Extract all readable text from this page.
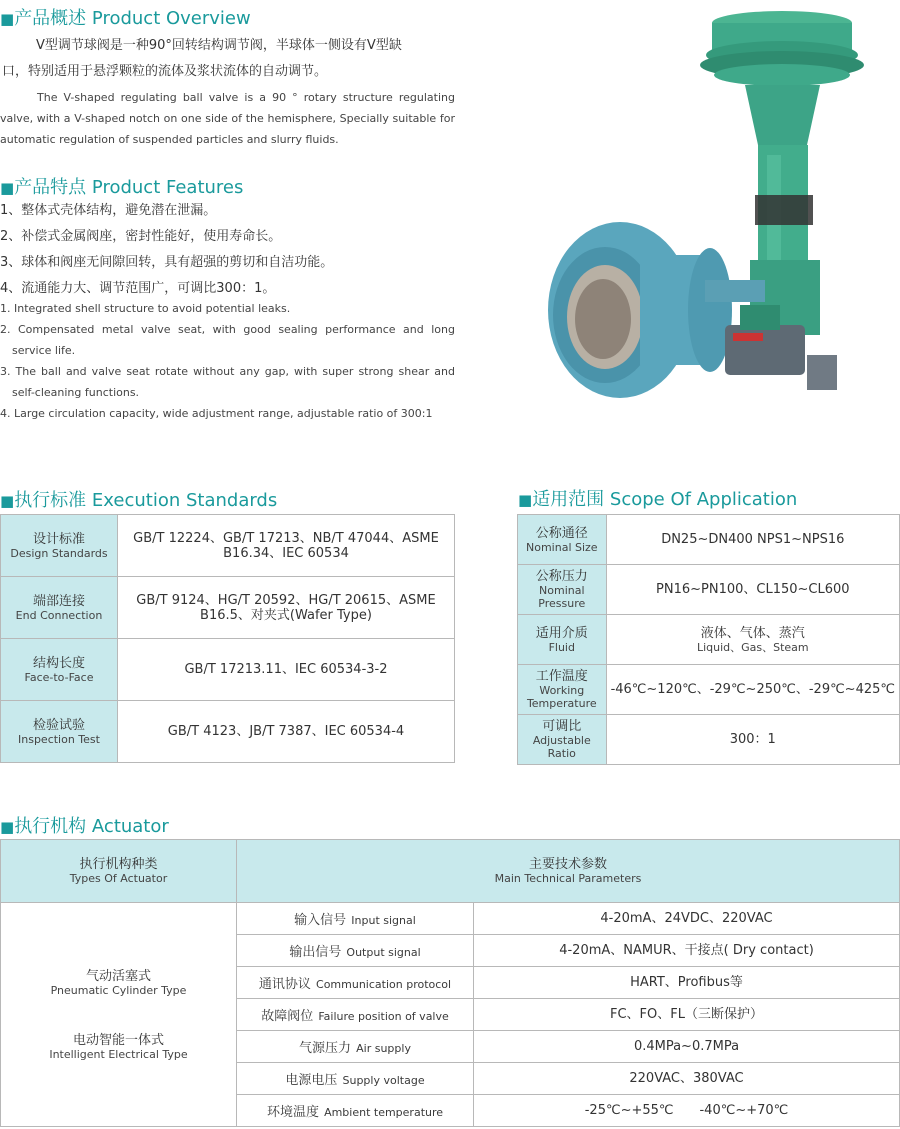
■产品概述 Product Overview
V型调节球阀是一种90°回转结构调节阀，半球体一侧设有V型缺
口，特别适用于悬浮颗粒的流体及浆状流体的自动调节。
The V-shaped regulating ball valve is a 90 ° rotary structure regulating valve, with a V-shaped notch on one side of the hemisphere, Specially suitable for automatic regulation of suspended particles and slurry fluids.
■产品特点 Product Features
1、整体式壳体结构，避免潜在泄漏。
2、补偿式金属阀座，密封性能好，使用寿命长。
3、球体和阀座无间隙回转，具有超强的剪切和自洁功能。
4、流通能力大、调节范围广，可调比300：1。
1. Integrated shell structure to avoid potential leaks.
2. Compensated metal valve seat, with good sealing performance and long service life.
3. The ball and valve seat rotate without any gap, with super strong shear and self-cleaning functions.
4. Large circulation capacity, wide adjustment range, adjustable ratio of 300:1
■执行标准 Execution Standards
设计标准
Design Standards	GB/T 12224、GB/T 17213、NB/T 47044、ASME B16.34、IEC 60534

端部连接
End Connection	GB/T 9124、HG/T 20592、HG/T 20615、ASME B16.5、对夹式(Wafer Type)

结构长度
Face-to-Face	GB/T 17213.11、IEC 60534-3-2

检验试验
Inspection Test	GB/T 4123、JB/T 7387、IEC 60534-4
■适用范围 Scope Of Application
公称通径
Nominal Size	DN25~DN400 NPS1~NPS16

公称压力
Nominal Pressure	PN16~PN100、CL150~CL600

适用介质
Fluid	液体、气体、蒸汽
Liquid、Gas、Steam

工作温度
Working Temperature	-46℃~120℃、-29℃~250℃、-29℃~425℃

可调比
Adjustable Ratio	300：1
■执行机构 Actuator
执行机构种类
Types Of Actuator	主要技术参数
Main Technical Parameters	

气动活塞式
Pneumatic Cylinder Type
电动智能一体式
Intelligent Electrical Type	输入信号 Input signal	4-20mA、24VDC、220VAC
	输出信号 Output signal	4-20mA、NAMUR、干接点( Dry contact)
	通讯协议 Communication protocol	HART、Profibus等
	故障阀位 Failure position of valve	FC、FO、FL（三断保护）
	气源压力 Air supply	0.4MPa~0.7MPa
	电源电压 Supply voltage	220VAC、380VAC
	环境温度 Ambient temperature	-25℃~+55℃　　-40℃~+70℃
